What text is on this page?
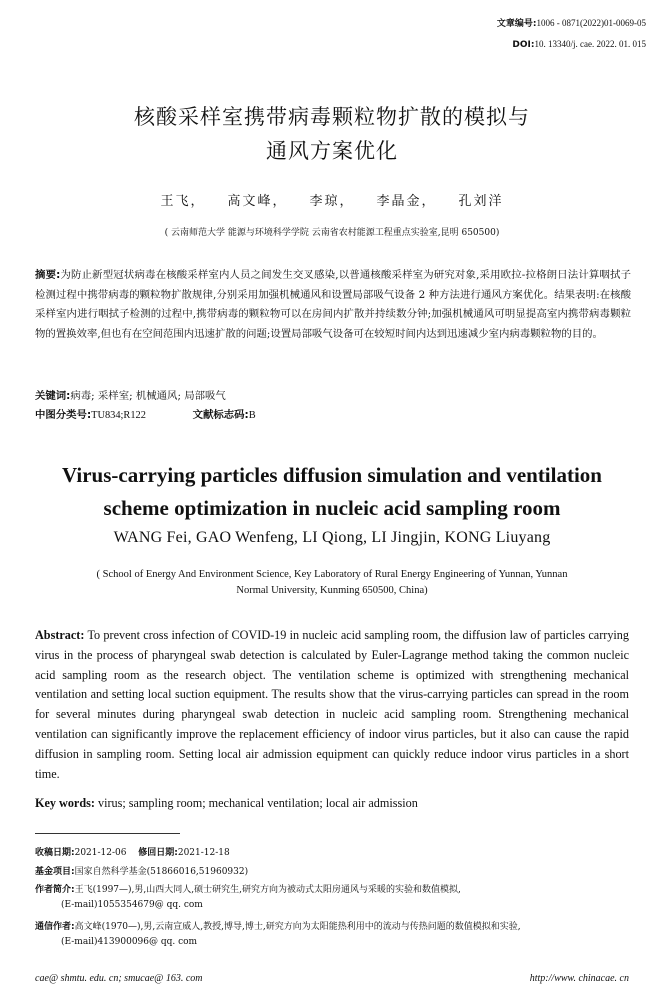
文章编号:1006 - 0871(2022)01-0069-05
DOI:10. 13340/j. cae. 2022. 01. 015
核酸采样室携带病毒颗粒物扩散的模拟与
通风方案优化
王飞， 高文峰， 李琼， 李晶金， 孔刘洋
( 云南师范大学 能源与环境科学学院 云南省农村能源工程重点实验室,昆明 650500)
摘要:为防止新型冠状病毒在核酸采样室内人员之间发生交叉感染,以普通核酸采样室为研究对象,采用欧拉-拉格朗日法计算咽拭子检测过程中携带病毒的颗粒物扩散规律,分别采用加强机械通风和设置局部吸气设备 2 种方法进行通风方案优化。结果表明:在核酸采样室内进行咽拭子检测的过程中,携带病毒的颗粒物可以在房间内扩散并持续数分钟;加强机械通风可明显提高室内携带病毒颗粒物的置换效率,但也有在空间范围内迅速扩散的问题;设置局部吸气设备可在较短时间内达到迅速减少室内病毒颗粒物的目的。
关键词:病毒; 采样室; 机械通风; 局部吸气
中图分类号:TU834;R122	文献标志码:B
Virus-carrying particles diffusion simulation and ventilation
scheme optimization in nucleic acid sampling room
WANG Fei, GAO Wenfeng, LI Qiong, LI Jingjin, KONG Liuyang
( School of Energy And Environment Science, Key Laboratory of Rural Energy Engineering of Yunnan, Yunnan Normal University, Kunming 650500, China)
Abstract: To prevent cross infection of COVID-19 in nucleic acid sampling room, the diffusion law of particles carrying virus in the process of pharyngeal swab detection is calculated by Euler-Lagrange method taking the common nucleic acid sampling room as the research object. The ventilation scheme is optimized with strengthening mechanical ventilation and setting local suction equipment. The results show that the virus-carrying particles can spread in the room for several minutes during pharyngeal swab detection in nucleic acid sampling room. Strengthening mechanical ventilation can significantly improve the replacement efficiency of indoor virus particles, but it also can cause the rapid diffusion in sampling room. Setting local air admission equipment can quickly reduce indoor virus particles in a short time.
Key words: virus; sampling room; mechanical ventilation; local air admission
收稿日期:2021-12-06 修回日期:2021-12-18
基金项目:国家自然科学基金(51866016,51960932)
作者简介:王飞(1997—),男,山西大同人,硕士研究生,研究方向为被动式太阳房通风与采暖的实验和数值模拟,
(E-mail)1055354679@ qq. com
通信作者:高文峰(1970—),男,云南宣威人,教授,博导,博士,研究方向为太阳能热利用中的流动与传热问题的数值模拟和实验,
(E-mail)413900096@ qq. com
cae@ shmtu. edu. cn; smucae@ 163. com	http://www. chinacae. cn
